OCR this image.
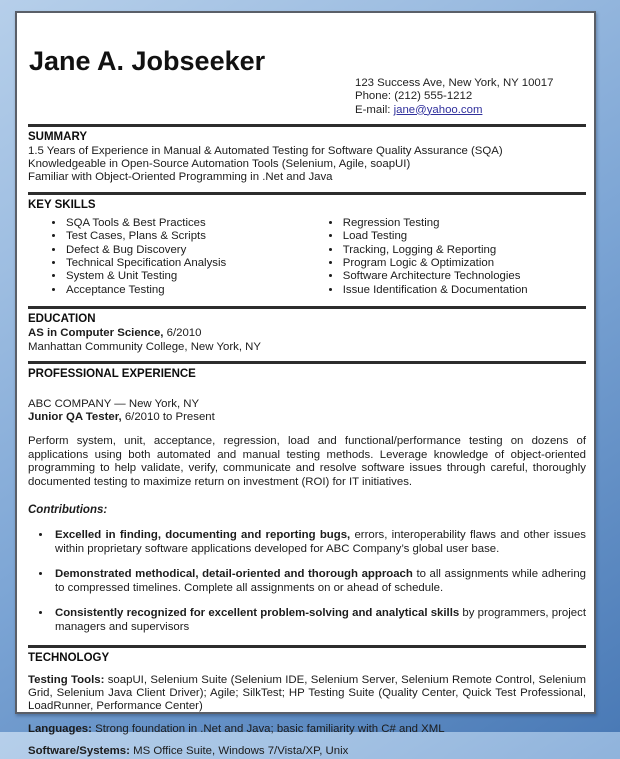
Jane A. Jobseeker
123 Success Ave, New York, NY 10017
Phone: (212) 555-1212
E-mail: jane@yahoo.com
SUMMARY
1.5 Years of Experience in Manual & Automated Testing for Software Quality Assurance (SQA)
Knowledgeable in Open-Source Automation Tools (Selenium, Agile, soapUI)
Familiar with Object-Oriented Programming in .Net and Java
KEY SKILLS
• SQA Tools & Best Practices
• Test Cases, Plans & Scripts
• Defect & Bug Discovery
• Technical Specification Analysis
• System & Unit Testing
• Acceptance Testing
• Regression Testing
• Load Testing
• Tracking, Logging & Reporting
• Program Logic & Optimization
• Software Architecture Technologies
• Issue Identification & Documentation
EDUCATION
AS in Computer Science, 6/2010
Manhattan Community College, New York, NY
PROFESSIONAL EXPERIENCE
ABC COMPANY — New York, NY
Junior QA Tester, 6/2010 to Present

Perform system, unit, acceptance, regression, load and functional/performance testing on dozens of applications using both automated and manual testing methods. Leverage knowledge of object-oriented programming to help validate, verify, communicate and resolve software issues through careful, thoroughly documented testing to maximize return on investment (ROI) for IT initiatives.

Contributions:
• Excelled in finding, documenting and reporting bugs, errors, interoperability flaws and other issues within proprietary software applications developed for ABC Company’s global user base.
• Demonstrated methodical, detail-oriented and thorough approach to all assignments while adhering to compressed timelines. Complete all assignments on or ahead of schedule.
• Consistently recognized for excellent problem-solving and analytical skills by programmers, project managers and supervisors
TECHNOLOGY
Testing Tools: soapUI, Selenium Suite (Selenium IDE, Selenium Server, Selenium Remote Control, Selenium Grid, Selenium Java Client Driver); Agile; SilkTest; HP Testing Suite (Quality Center, Quick Test Professional, LoadRunner, Performance Center)
Languages: Strong foundation in .Net and Java; basic familiarity with C# and XML
Software/Systems: MS Office Suite, Windows 7/Vista/XP, Unix
